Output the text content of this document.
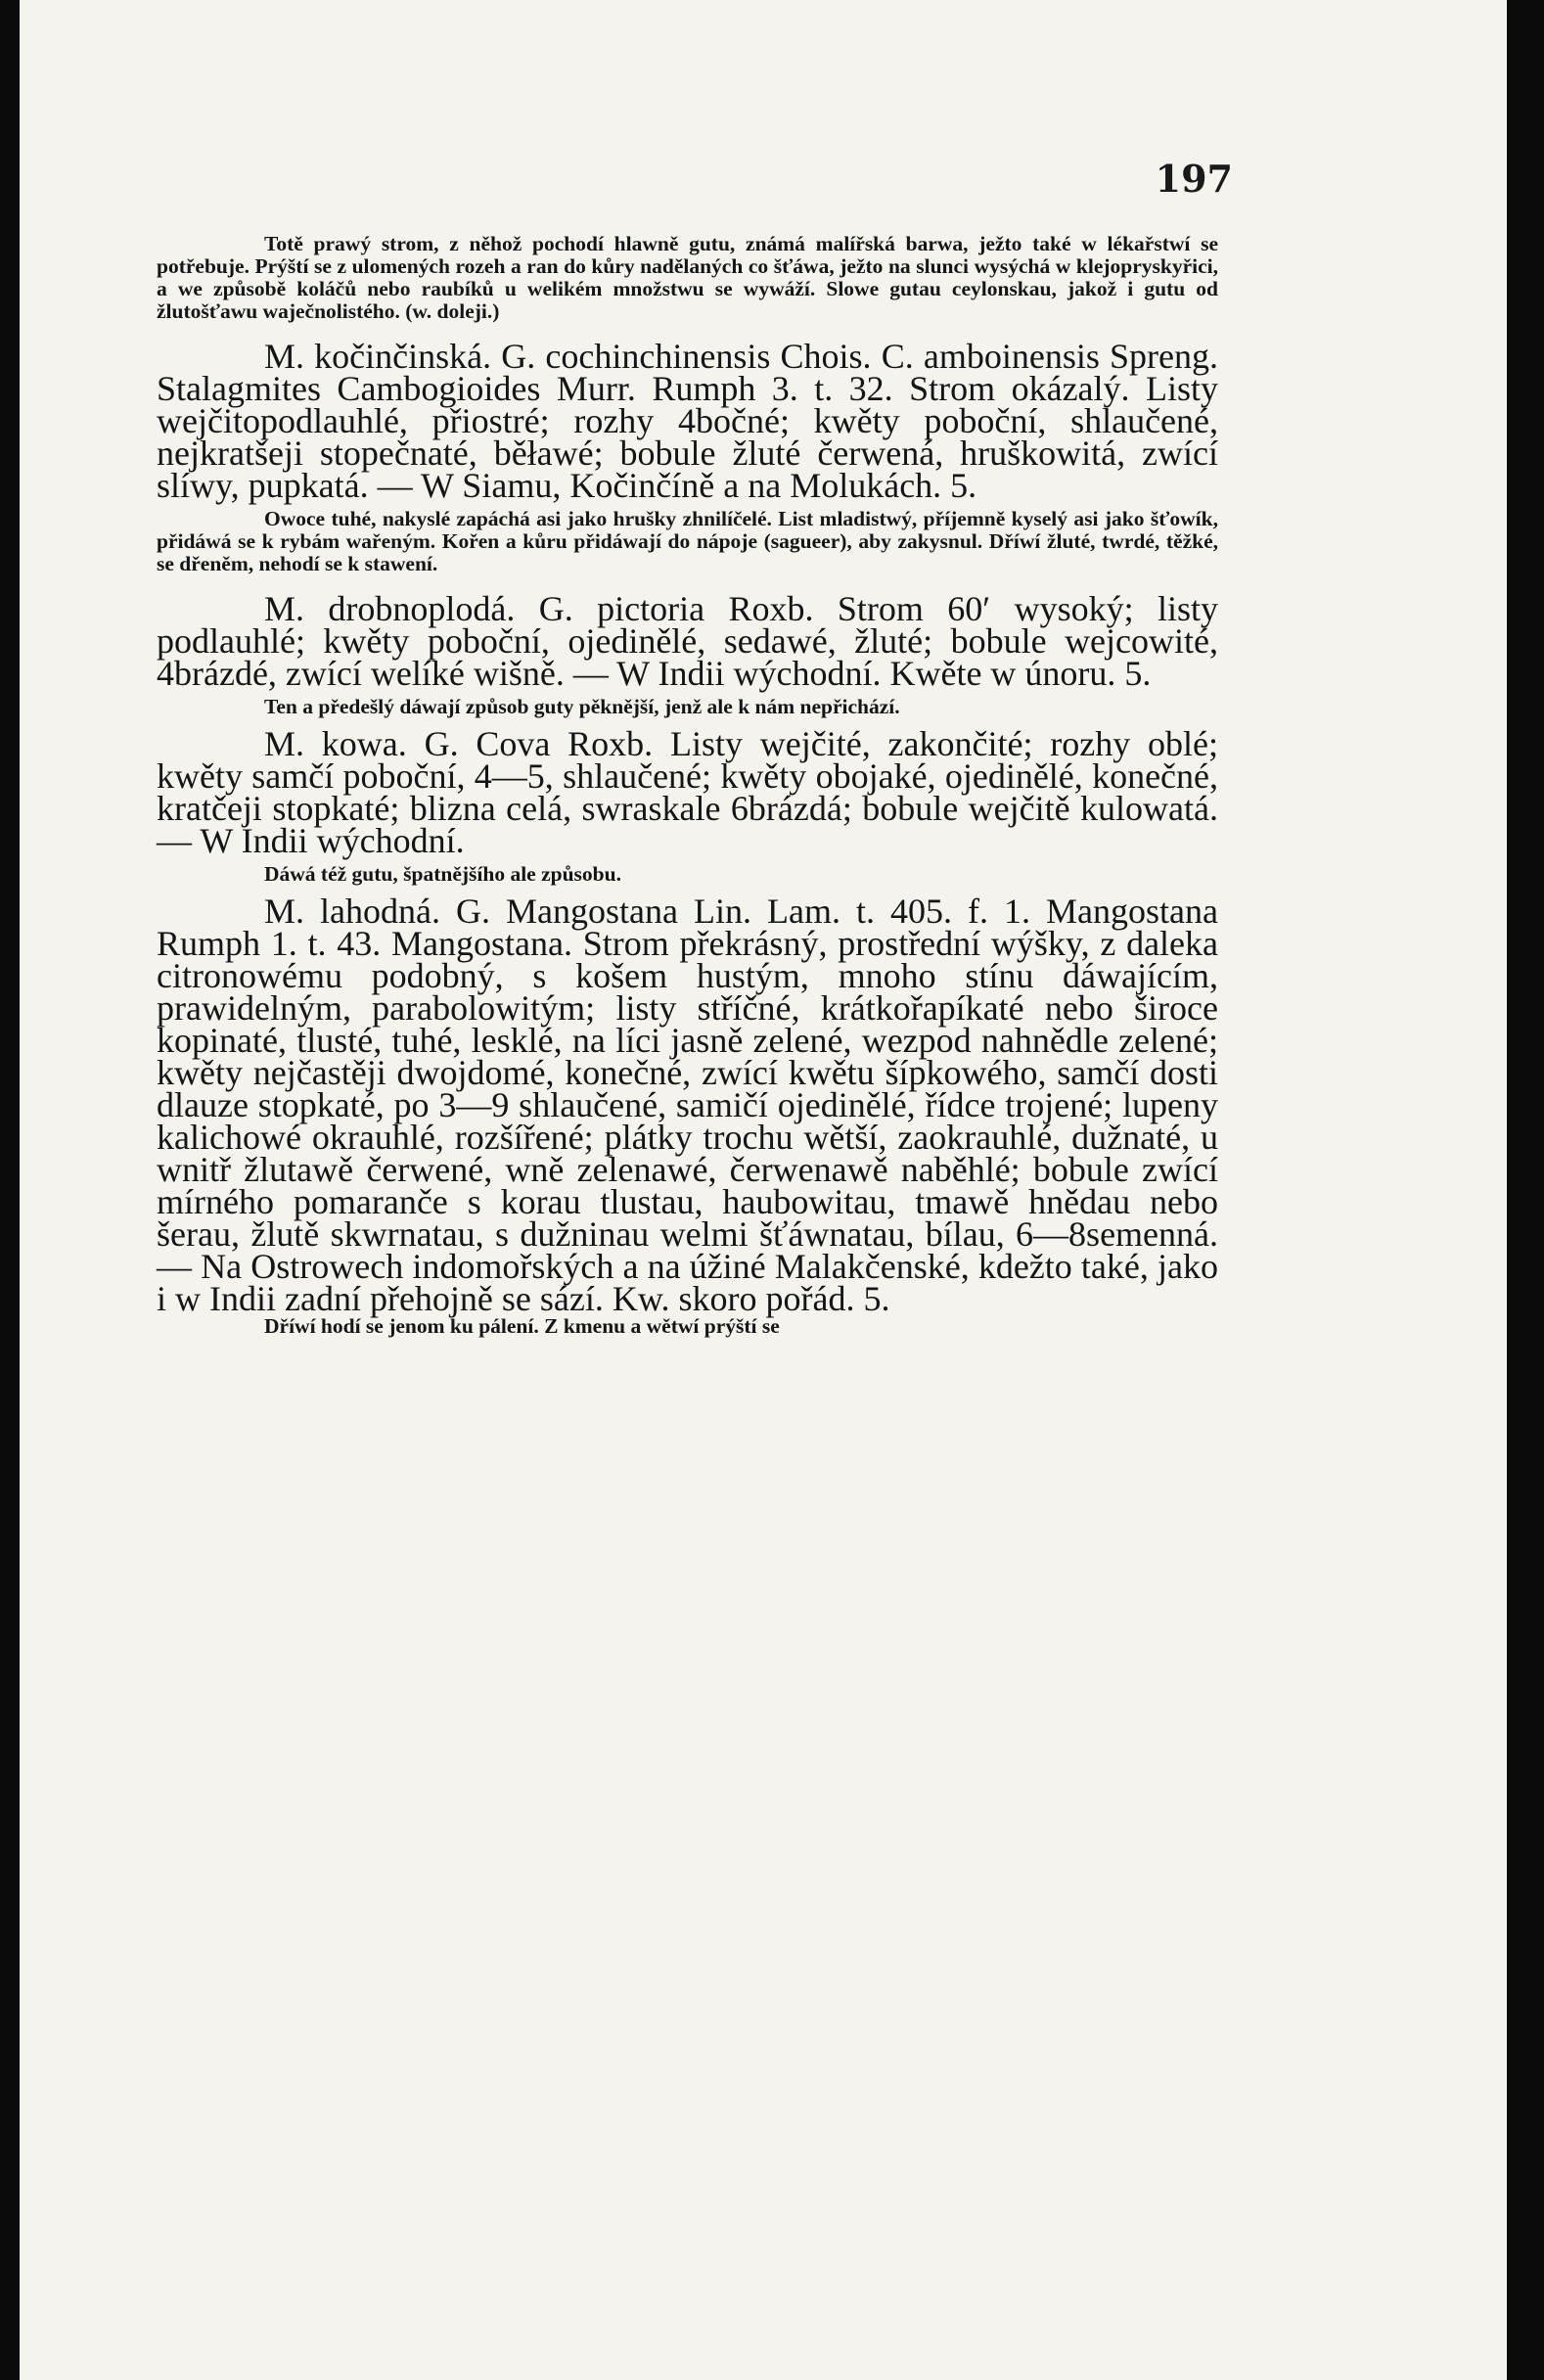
197

Totě prawý strom, z něhož pochodí hlawně gutu, známá malířská barwa, ježto také w lékařstwí se potřebuje. Prýští se z ulomených rozeh a ran do kůry nadělaných co šťáwa, ježto na slunci wysýchá w klejopryskyřici, a we způsobě koláčů nebo raubíků u welikém množstwu se wywáží. Slowe gutau ceylonskau, jakož i gutu od žlutošťawu waječnolistého. (w. doleji.)

M. kočinčinská. G. cochinchinensis Chois. C. amboinensis Spreng. Stalagmites Cambogioides Murr. Rumph 3. t. 32. Strom okázalý. Listy wejčitopodlauhlé, přiostré; rozhy 4bočné; kwěty poboční, shlaučené, nejkratšeji stopečnaté, běławé; bobule žluté čerwená, hruškowitá, zwící slíwy, pupkatá. — W Siamu, Kočinčíně a na Molukách. 5.

Owoce tuhé, nakyslé zapáchá asi jako hrušky zhnilíčelé. List mladistwý, příjemně kyselý asi jako šťowík, přidáwá se k rybám wařeným. Kořen a kůru přidáwají do nápoje (sagueer), aby zakysnul. Dříwí žluté, twrdé, těžké, se dřeněm, nehodí se k stawení.

M. drobnoplodá. G. pictoria Roxb. Strom 60′ wysoký; listy podlauhlé; kwěty poboční, ojedinělé, sedawé, žluté; bobule wejcowité, 4brázdé, zwící welíké wišně. — W Indii wýchodní. Kwěte w únoru. 5.

Ten a předešlý dáwají způsob guty pěknější, jenž ale k nám nepřichází.

M. kowa. G. Cova Roxb. Listy wejčité, zakončité; rozhy oblé; kwěty samčí poboční, 4—5, shlaučené; kwěty obojaké, ojedinělé, konečné, kratčeji stopkaté; blizna celá, swraskale 6brázdá; bobule wejčitě kulowatá. — W Indii wýchodní.

Dáwá též gutu, špatnějšího ale způsobu.

M. lahodná. G. Mangostana Lin. Lam. t. 405. f. 1. Mangostana Rumph 1. t. 43. Mangostana. Strom překrásný, prostřední wýšky, z daleka citronowému podobný, s košem hustým, mnoho stínu dáwajícím, prawidelným, parabolowitým; listy stříčné, krátkořapíkaté nebo široce kopinaté, tlusté, tuhé, lesklé, na líci jasně zelené, wezpod nahnědle zelené; kwěty nejčastěji dwojdomé, konečné, zwící kwětu šípkowého, samčí dosti dlauze stopkaté, po 3—9 shlaučené, samičí ojedinělé, řídce trojené; lupeny kalichowé okrauhlé, rozšířené; plátky trochu wětší, zaokrauhlé, dužnaté, u wnitř žlutawě čerwené, wně zelenawé, čerwenawě naběhlé; bobule zwící mírného pomaranče s korau tlustau, haubowitau, tmawě hnědau nebo šerau, žlutě skwrnatau, s dužninau welmi šťáwnatau, bílau, 6—8semenná. — Na Ostrowech indomořských a na úžiné Malakčenské, kdežto také, jako i w Indii zadní přehojně se sází. Kw. skoro pořád. 5.

Dříwí hodí se jenom ku pálení. Z kmenu a wětwí prýští se
